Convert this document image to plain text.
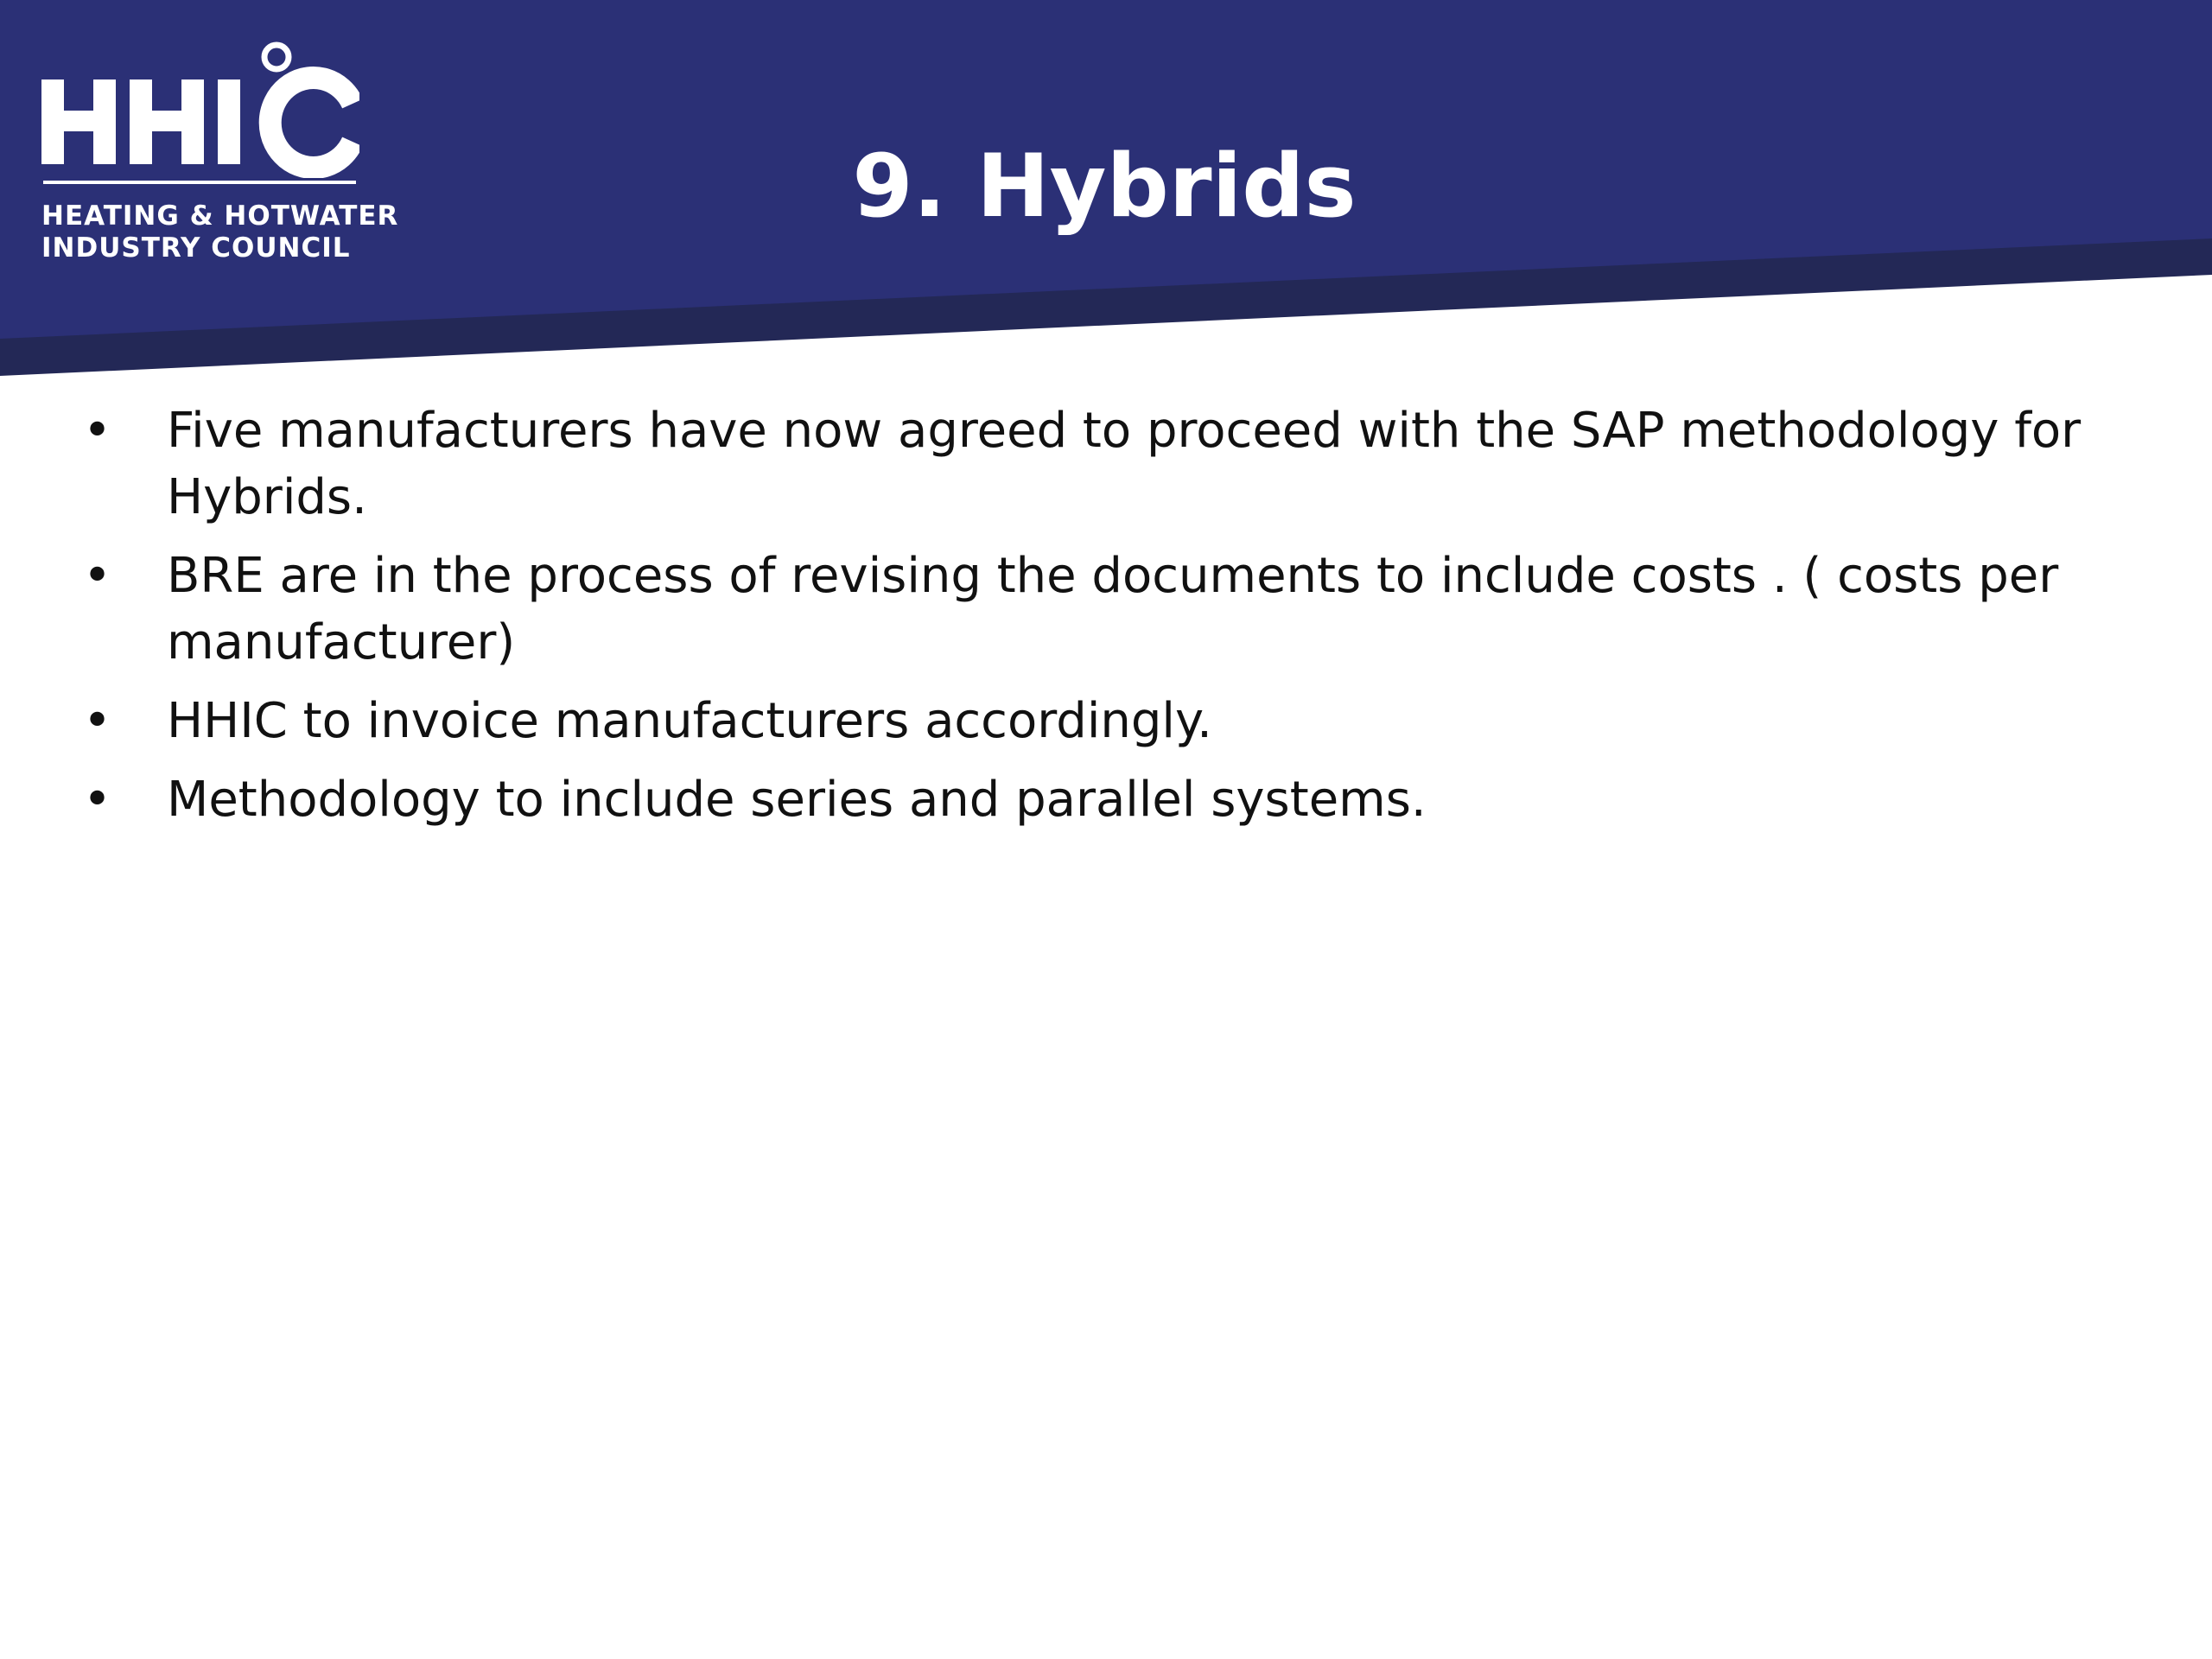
HEATING & HOTWATER
INDUSTRY COUNCIL
9. Hybrids
• Five manufacturers have now agreed to proceed with the SAP methodology for Hybrids.
• BRE are in the process of revising the documents to include costs . ( costs per manufacturer)
• HHIC to invoice manufacturers accordingly.
• Methodology to include series and parallel systems.
